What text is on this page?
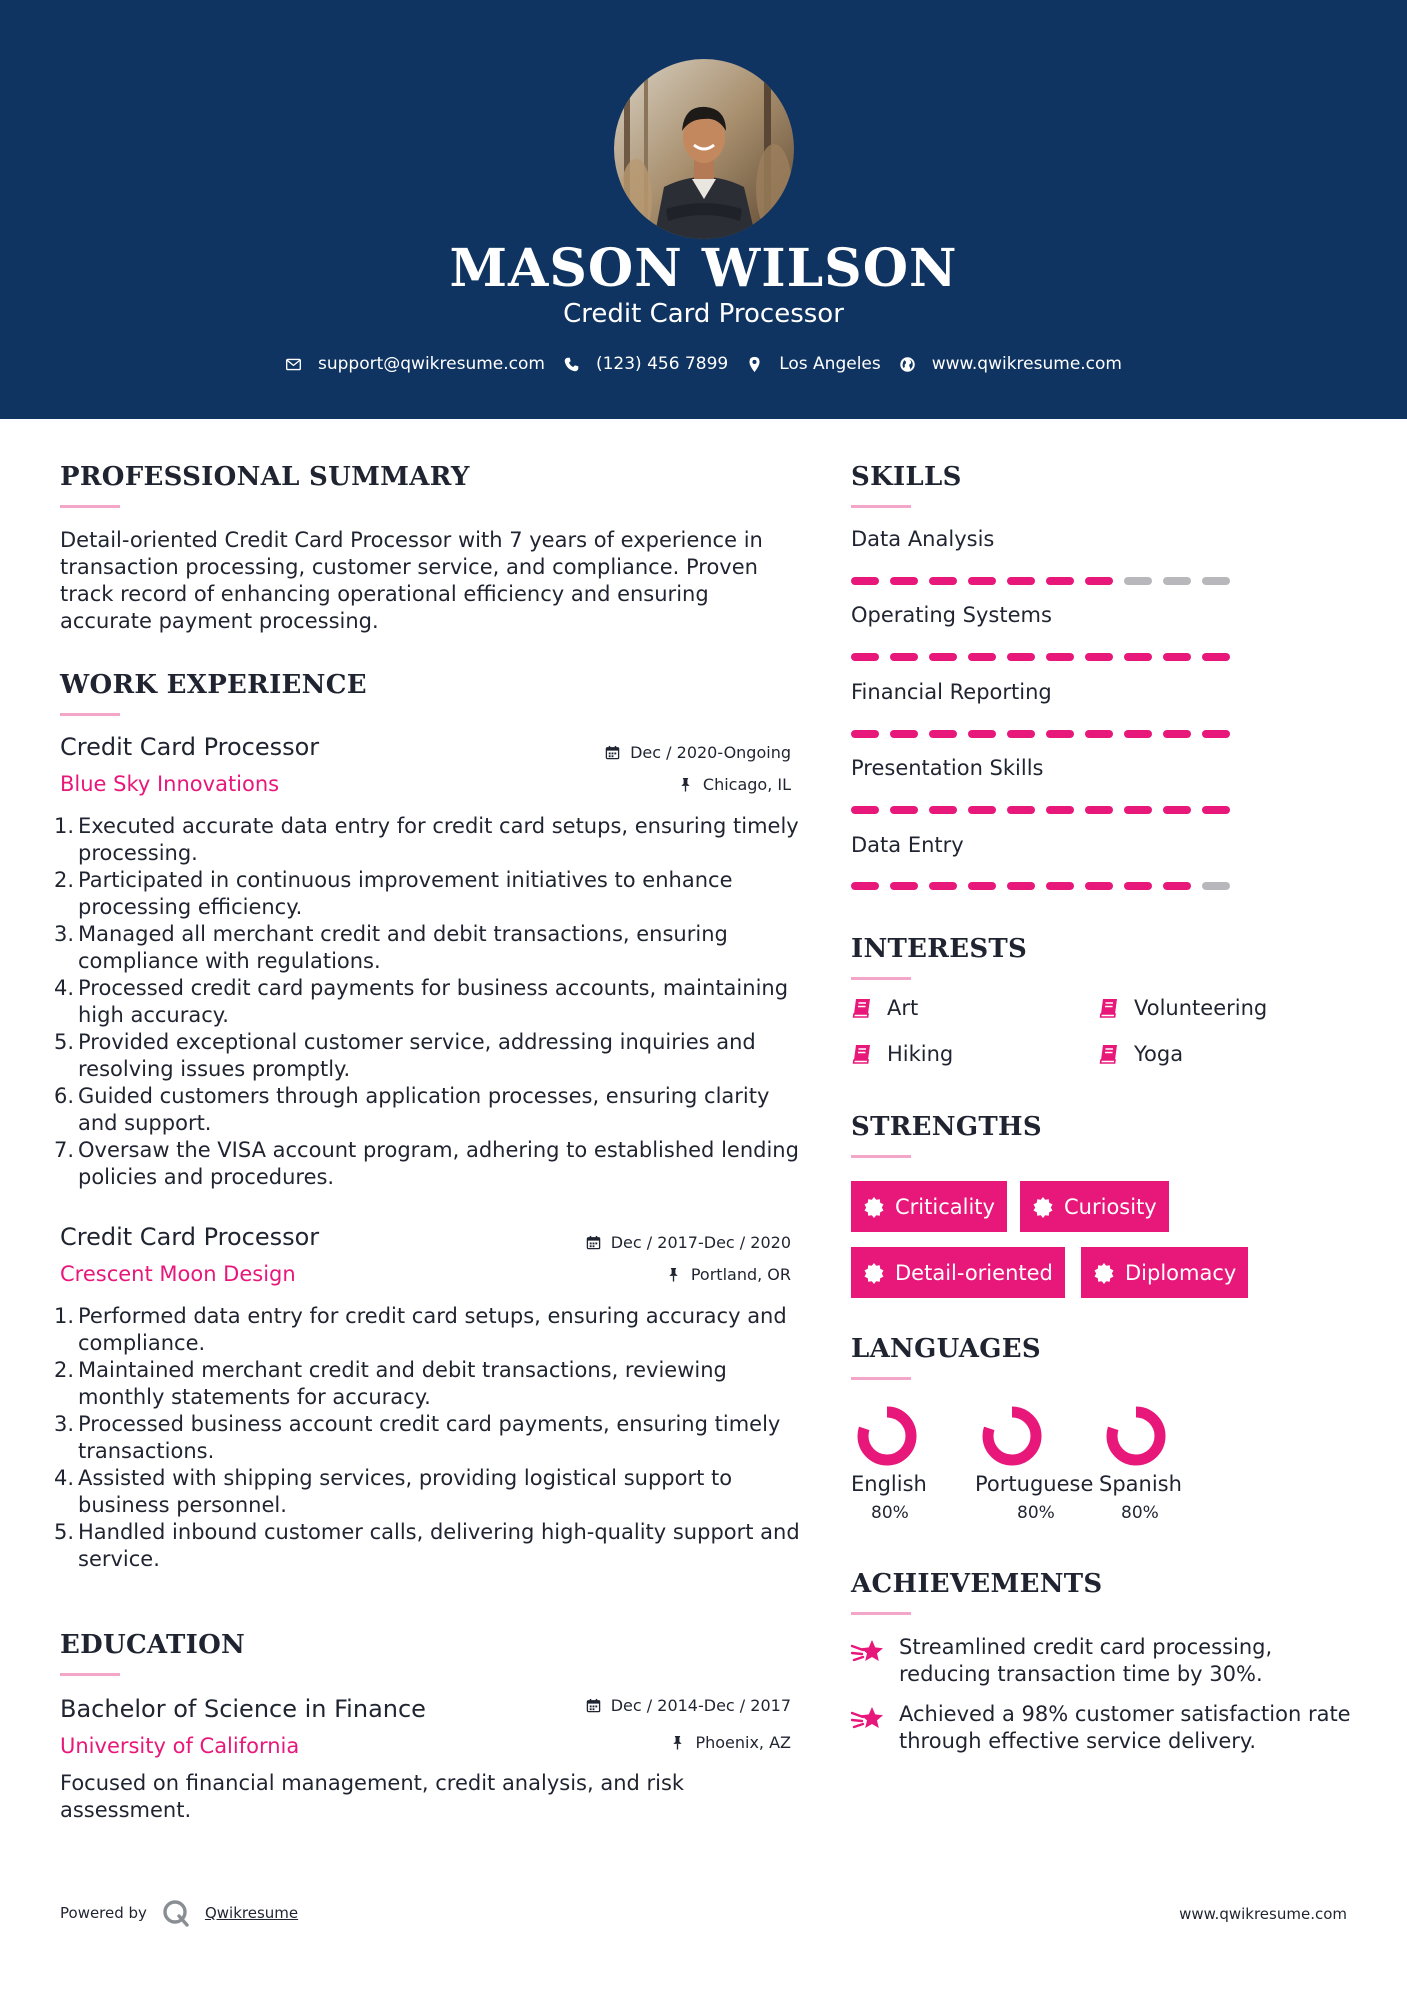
MASON WILSON
Credit Card Processor
support@qwikresume.com	(123) 456 7899	Los Angeles	www.qwikresume.com
PROFESSIONAL SUMMARY
Detail-oriented Credit Card Processor with 7 years of experience in transaction processing, customer service, and compliance. Proven track record of enhancing operational efficiency and ensuring accurate payment processing.
WORK EXPERIENCE
Credit Card Processor
Blue Sky Innovations
Dec / 2020-Ongoing
Chicago, IL
1. Executed accurate data entry for credit card setups, ensuring timely processing.
2. Participated in continuous improvement initiatives to enhance processing efficiency.
3. Managed all merchant credit and debit transactions, ensuring compliance with regulations.
4. Processed credit card payments for business accounts, maintaining high accuracy.
5. Provided exceptional customer service, addressing inquiries and resolving issues promptly.
6. Guided customers through application processes, ensuring clarity and support.
7. Oversaw the VISA account program, adhering to established lending policies and procedures.
Credit Card Processor
Crescent Moon Design
Dec / 2017-Dec / 2020
Portland, OR
1. Performed data entry for credit card setups, ensuring accuracy and compliance.
2. Maintained merchant credit and debit transactions, reviewing monthly statements for accuracy.
3. Processed business account credit card payments, ensuring timely transactions.
4. Assisted with shipping services, providing logistical support to business personnel.
5. Handled inbound customer calls, delivering high-quality support and service.
EDUCATION
Bachelor of Science in Finance
University of California
Dec / 2014-Dec / 2017
Phoenix, AZ
Focused on financial management, credit analysis, and risk assessment.
SKILLS
Data Analysis
Operating Systems
Financial Reporting
Presentation Skills
Data Entry
INTERESTS
Art	Volunteering
Hiking	Yoga
STRENGTHS
Criticality	Curiosity
Detail-oriented	Diplomacy
LANGUAGES
English
80%
Portuguese
80%
Spanish
80%
ACHIEVEMENTS
Streamlined credit card processing, reducing transaction time by 30%.
Achieved a 98% customer satisfaction rate through effective service delivery.
Powered by	Qwikresume	www.qwikresume.com
